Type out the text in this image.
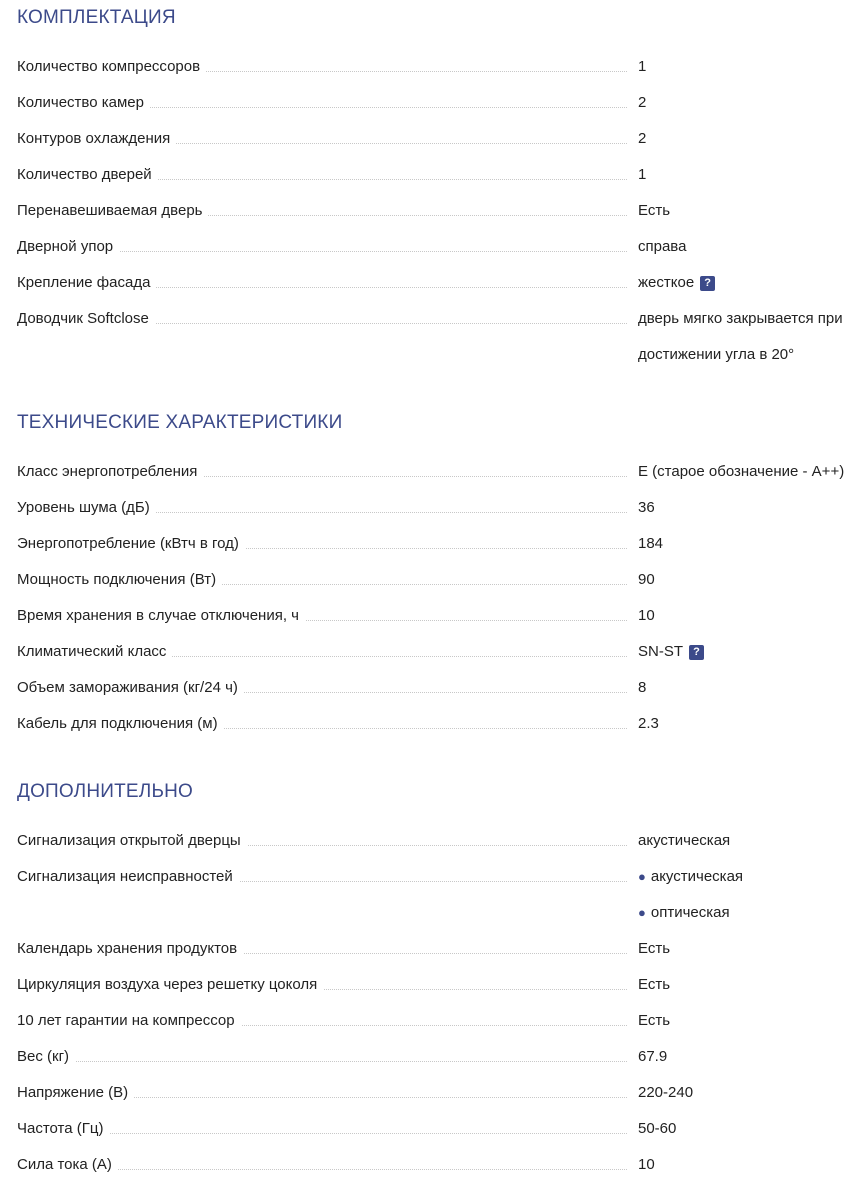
КОМПЛЕКТАЦИЯ
Количество компрессоров	1
Количество камер	2
Контуров охлаждения	2
Количество дверей	1
Перенавешиваемая дверь	Есть
Дверной упор	справа
Крепление фасада	жесткое ?
Доводчик Softclose	дверь мягко закрывается при
достижении угла в 20°
ТЕХНИЧЕСКИЕ ХАРАКТЕРИСТИКИ
Класс энергопотребления	E (старое обозначение - A++)
Уровень шума (дБ)	36
Энергопотребление (кВтч в год)	184
Мощность подключения (Вт)	90
Время хранения в случае отключения, ч	10
Климатический класс	SN-ST ?
Объем замораживания (кг/24 ч)	8
Кабель для подключения (м)	2.3
ДОПОЛНИТЕЛЬНО
Сигнализация открытой дверцы	акустическая
Сигнализация неисправностей	● акустическая
● оптическая
Календарь хранения продуктов	Есть
Циркуляция воздуха через решетку цоколя	Есть
10 лет гарантии на компрессор	Есть
Вес (кг)	67.9
Напряжение (В)	220-240
Частота (Гц)	50-60
Сила тока (А)	10
